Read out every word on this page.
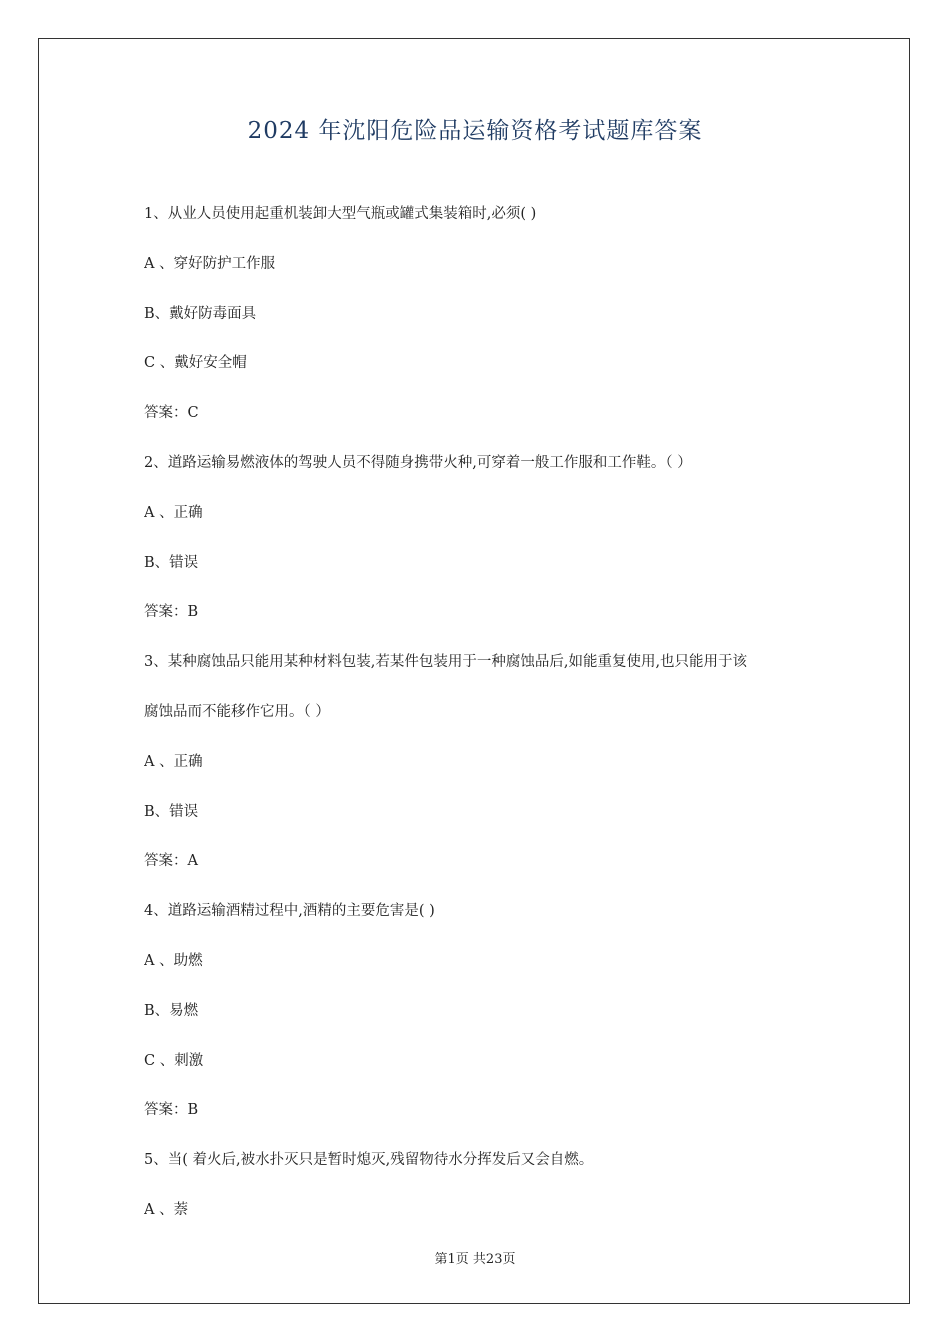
2024 年沈阳危险品运输资格考试题库答案
1、从业人员使用起重机装卸大型气瓶或罐式集装箱时,必须( )
A 、穿好防护工作服
B、戴好防毒面具
C 、戴好安全帽
答案：C
2、道路运输易燃液体的驾驶人员不得随身携带火种,可穿着一般工作服和工作鞋。（ ）
A 、正确
B、错误
答案：B
3、某种腐蚀品只能用某种材料包装,若某件包装用于一种腐蚀品后,如能重复使用,也只能用于该
腐蚀品而不能移作它用。（ ）
A 、正确
B、错误
答案：A
4、道路运输酒精过程中,酒精的主要危害是( )
A 、助燃
B、易燃
C 、刺激
答案：B
5、当( 着火后,被水扑灭只是暂时熄灭,残留物待水分挥发后又会自燃。
A 、萘
第1页 共23页
